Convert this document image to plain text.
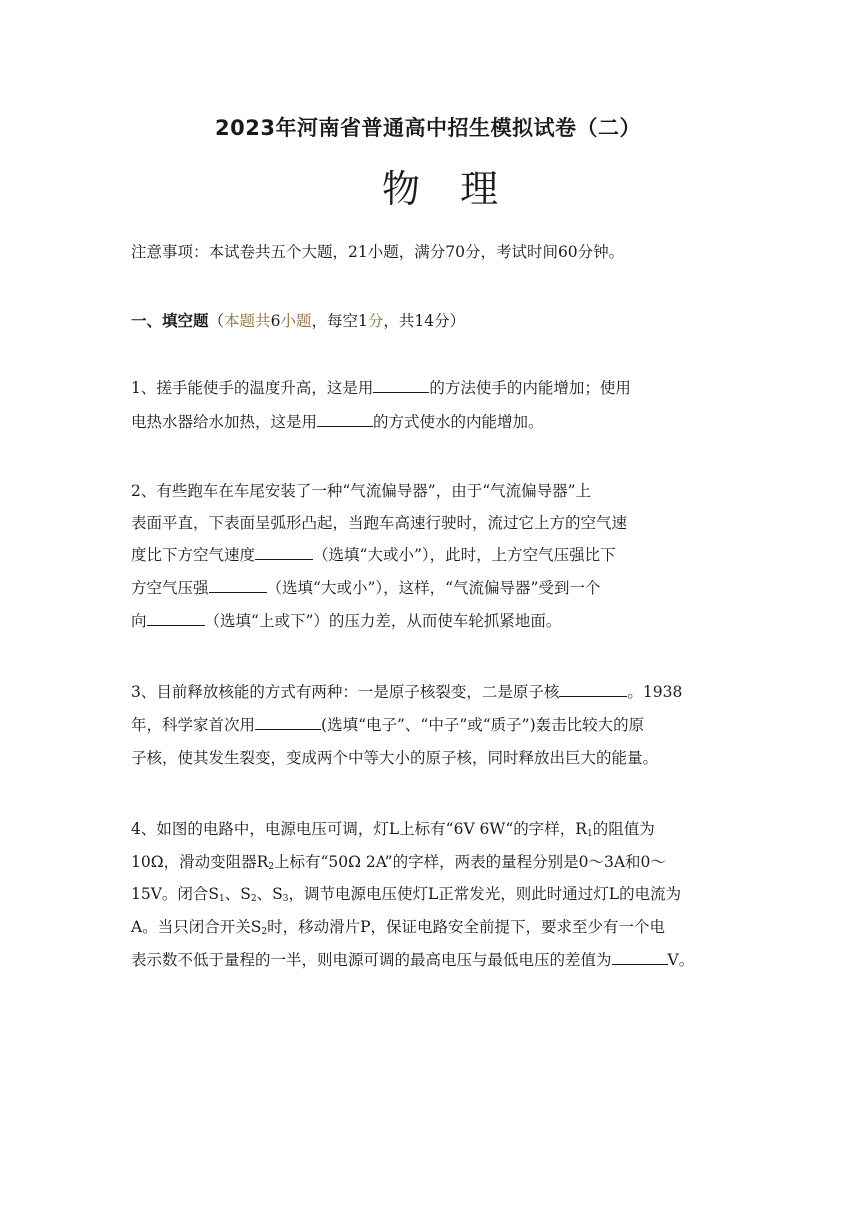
2023年河南省普通高中招生模拟试卷（二）
物 理
注意事项：本试卷共五个大题，21小题，满分70分，考试时间60分钟。
一、填空题（本题共6小题，每空1分，共14分）
1、搓手能使手的温度升高，这是用	的方法使手的内能增加；使用
电热水器给水加热，这是用	的方式使水的内能增加。
2、有些跑车在车尾安装了一种“气流偏导器”，由于“气流偏导器”上
表面平直，下表面呈弧形凸起，当跑车高速行驶时，流过它上方的空气速
度比下方空气速度	（选填“大或小”），此时，上方空气压强比下
方空气压强	（选填“大或小”），这样，“气流偏导器”受到一个
向	（选填“上或下”）的压力差，从而使车轮抓紧地面。
3、目前释放核能的方式有两种：一是原子核裂变，二是原子核	。1938
年，科学家首次用	(选填“电子”、“中子”或“质子”)轰击比较大的原
子核，使其发生裂变，变成两个中等大小的原子核，同时释放出巨大的能量。
4、如图的电路中，电源电压可调，灯L上标有“6V 6W“的字样，$R_1$的阻值为
10Ω，滑动变阻器$R_2$上标有“50Ω 2A”的字样，两表的量程分别是0～3A和0～
15V。闭合$S_1$、$S_2$、$S_3$，调节电源电压使灯L正常发光，则此时通过灯L的电流为
A。当只闭合开关$S_2$时，移动滑片P，保证电路安全前提下，要求至少有一个电
表示数不低于量程的一半，则电源可调的最高电压与最低电压的差值为	V。
